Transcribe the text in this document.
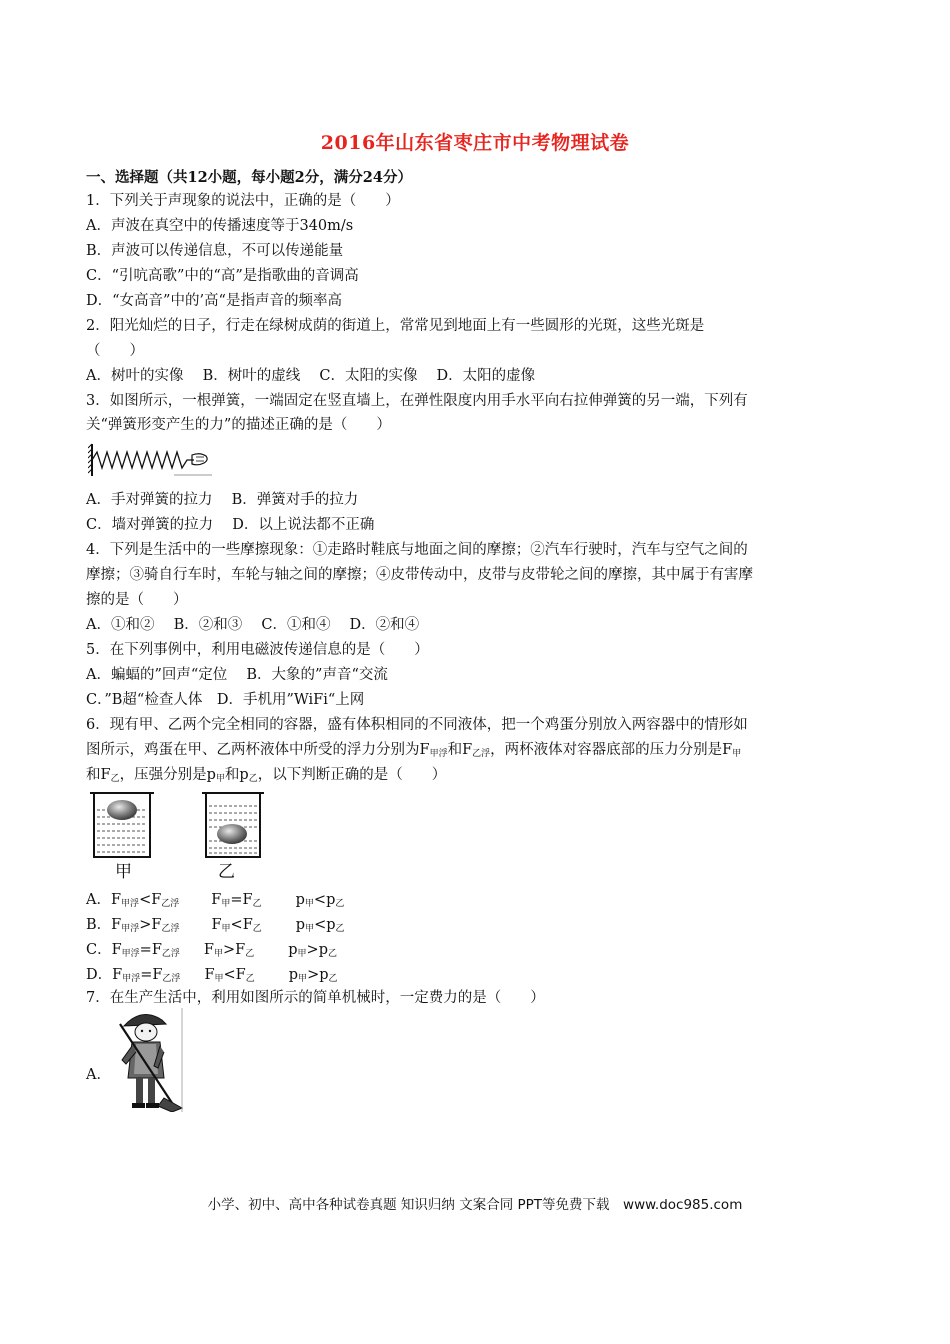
2016年山东省枣庄市中考物理试卷
一、选择题（共12小题，每小题2分，满分24分）
1．下列关于声现象的说法中，正确的是（　　）
A．声波在真空中的传播速度等于340m/s
B．声波可以传递信息，不可以传递能量
C．“引吭高歌”中的“高”是指歌曲的音调高
D．“女高音”中的’高“是指声音的频率高
2．阳光灿烂的日子，行走在绿树成荫的街道上，常常见到地面上有一些圆形的光斑，这些光斑是
（　　）
A．树叶的实像　 B．树叶的虚线　 C．太阳的实像　 D．太阳的虚像
3．如图所示，一根弹簧，一端固定在竖直墙上，在弹性限度内用手水平向右拉伸弹簧的另一端，下列有
关“弹簧形变产生的力”的描述正确的是（　　）
A．手对弹簧的拉力　 B．弹簧对手的拉力
C．墙对弹簧的拉力　 D．以上说法都不正确
4．下列是生活中的一些摩擦现象：①走路时鞋底与地面之间的摩擦；②汽车行驶时，汽车与空气之间的
摩擦；③骑自行车时，车轮与轴之间的摩擦；④皮带传动中，皮带与皮带轮之间的摩擦，其中属于有害摩
擦的是（　　）
A．①和②　 B．②和③　 C．①和④　 D．②和④
5．在下列事例中，利用电磁波传递信息的是（　　）
A．蝙蝠的”回声“定位　 B．大象的”声音“交流
C．”B超“检查人体　D．手机用”WiFi“上网
6．现有甲、乙两个完全相同的容器，盛有体积相同的不同液体，把一个鸡蛋分别放入两容器中的情形如
图所示，鸡蛋在甲、乙两杯液体中所受的浮力分别为$F_{甲浮}$和$F_{乙浮}$，两杯液体对容器底部的压力分别是$F_甲$
和$F_乙$，压强分别是$p_甲$和$p_乙$，以下判断正确的是（　　）
甲	乙
A．$F_{甲浮}<F_{乙浮}$ $F_甲=F_乙$ $p_甲<p_乙$
B．$F_{甲浮}>F_{乙浮}$ $F_甲<F_乙$ $p_甲<p_乙$
C．$F_{甲浮}=F_{乙浮}$ $F_甲>F_乙$ $p_甲>p_乙$
D．$F_{甲浮}=F_{乙浮}$ $F_甲<F_乙$ $p_甲>p_乙$
7．在生产生活中，利用如图所示的简单机械时，一定费力的是（　　）
A．
小学、初中、高中各种试卷真题 知识归纳 文案合同 PPT等免费下载　www.doc985.com
